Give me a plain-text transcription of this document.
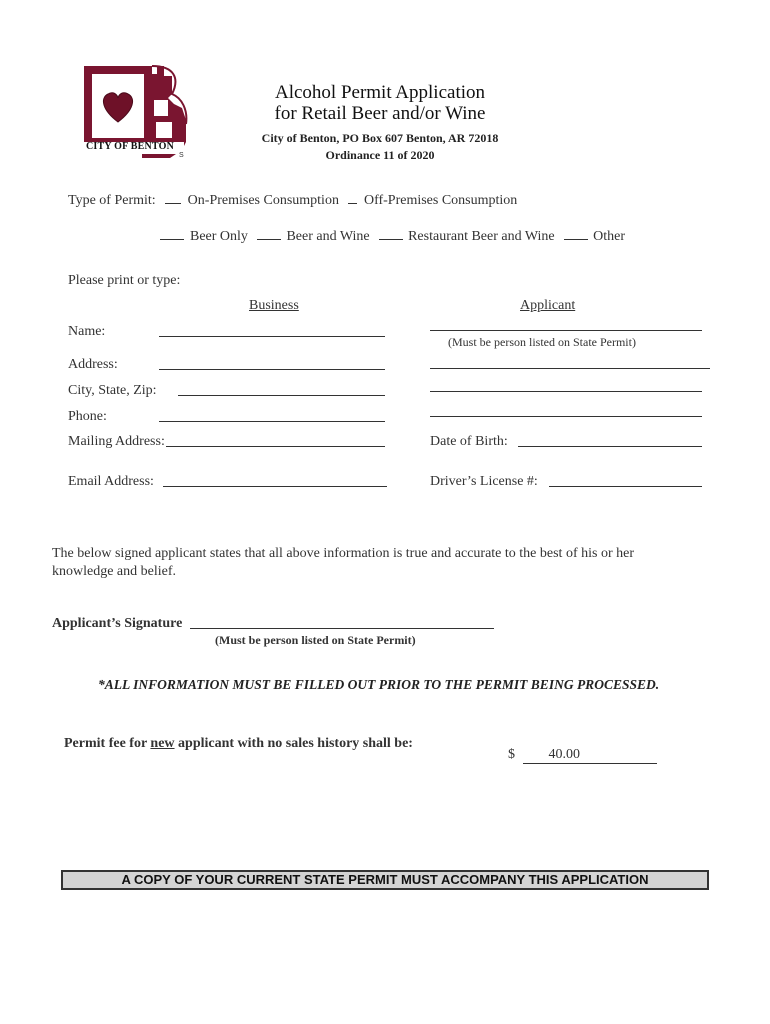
CITY OF BENTON
S
Alcohol Permit Application
for Retail Beer and/or Wine
City of Benton, PO Box 607 Benton, AR 72018
Ordinance 11 of 2020
Type of Permit: On-Premises Consumption Off-Premises Consumption
Beer Only	Beer and Wine	Restaurant Beer and Wine	Other
Please print or type:
Business	Applicant
Name:
(Must be person listed on State Permit)
Address:
City, State, Zip:
Phone:
Mailing Address:	Date of Birth:
Email Address:	Driver’s License #:
The below signed applicant states that all above information is true and accurate to the best of his or her knowledge and belief.
Applicant’s Signature
(Must be person listed on State Permit)
*ALL INFORMATION MUST BE FILLED OUT PRIOR TO THE PERMIT BEING PROCESSED.
Permit fee for new applicant with no sales history shall be:
$ 40.00
A COPY OF YOUR CURRENT STATE PERMIT MUST ACCOMPANY THIS APPLICATION
